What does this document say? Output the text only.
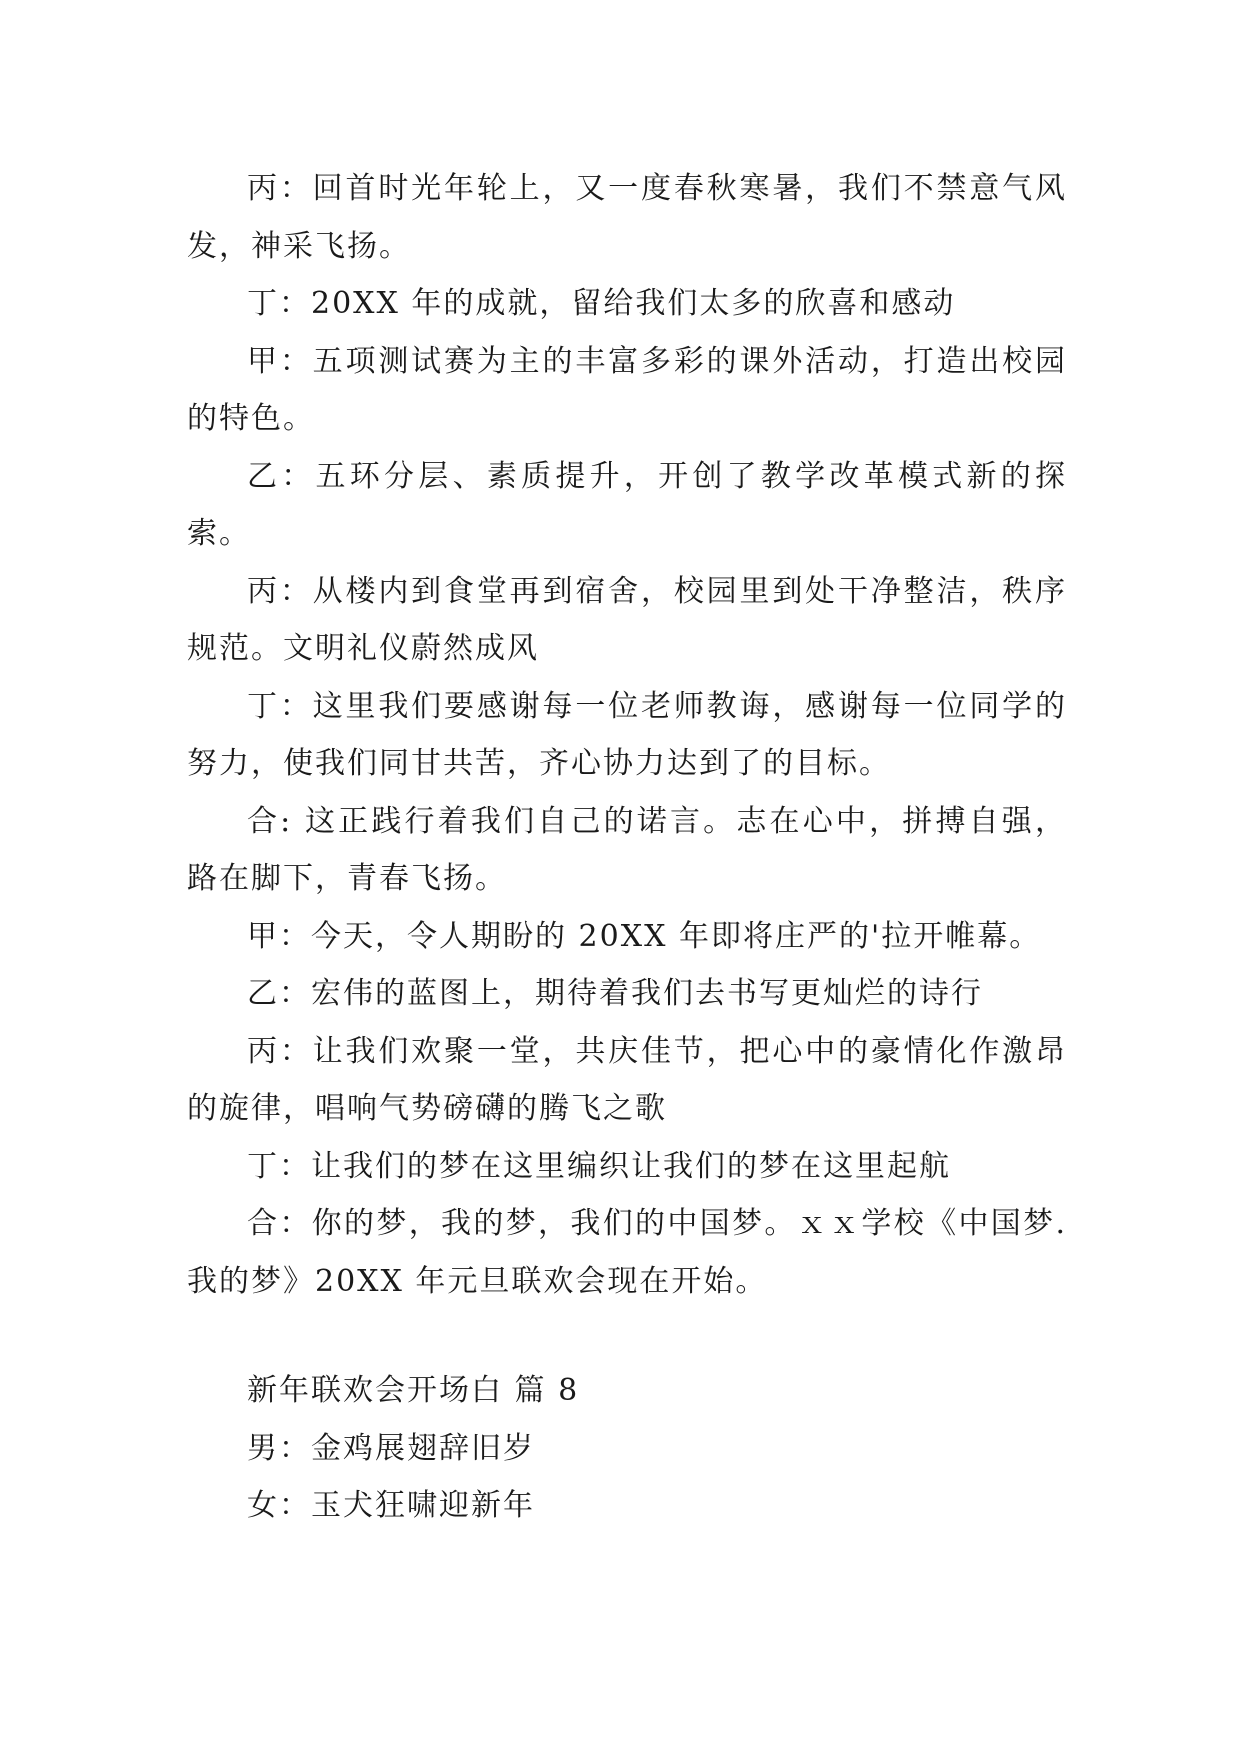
丙：回首时光年轮上，又一度春秋寒暑，我们不禁意气风发，神采飞扬。

丁：20XX 年的成就，留给我们太多的欣喜和感动

甲：五项测试赛为主的丰富多彩的课外活动，打造出校园的特色。

乙：五环分层、素质提升，开创了教学改革模式新的探索。

丙：从楼内到食堂再到宿舍，校园里到处干净整洁，秩序规范。文明礼仪蔚然成风

丁：这里我们要感谢每一位老师教诲，感谢每一位同学的努力，使我们同甘共苦，齐心协力达到了的目标。

合: 这正践行着我们自己的诺言。志在心中，拼搏自强，路在脚下，青春飞扬。

甲：今天，令人期盼的 20XX 年即将庄严的'拉开帷幕。

乙：宏伟的蓝图上，期待着我们去书写更灿烂的诗行

丙：让我们欢聚一堂，共庆佳节，把心中的豪情化作激昂的旋律，唱响气势磅礴的腾飞之歌

丁：让我们的梦在这里编织让我们的梦在这里起航

合：你的梦，我的梦，我们的中国梦。ｘｘ学校《中国梦.我的梦》20XX 年元旦联欢会现在开始。

新年联欢会开场白 篇 8

男：金鸡展翅辞旧岁

女：玉犬狂啸迎新年
